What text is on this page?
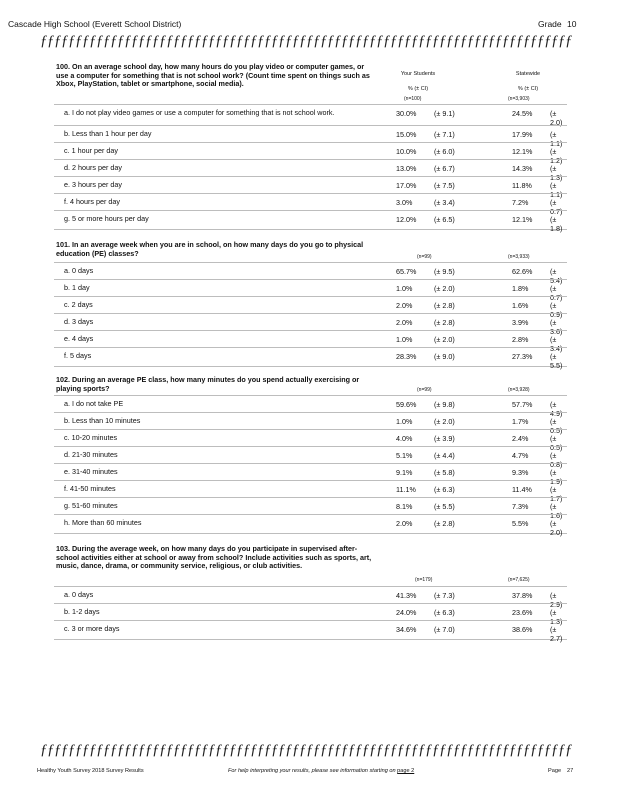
Cascade High School (Everett School District)	Grade 10
ƒƒƒƒƒƒƒƒƒƒƒƒƒƒƒƒƒƒƒƒƒƒƒƒƒƒƒƒƒƒƒƒƒƒƒƒƒƒƒƒƒƒƒƒƒƒƒƒƒƒƒƒƒƒƒƒƒƒƒƒƒƒƒƒƒƒƒƒƒƒƒƒƒƒƒƒ
Your Students	Statewide
% (± CI)	% (± CI)
100. On an average school day, how many hours do you play video or computer games, or use a computer for something that is not school work? (Count time spent on things such as Xbox, PlayStation, tablet or smartphone, social media).
(n=100)	(n=3,903)
a. I do not play video games or use a computer for something that is not school work.	30.0% (± 9.1)	24.5% (± 2.0)
b. Less than 1 hour per day	15.0% (± 7.1)	17.9% (± 1.1)
c. 1 hour per day	10.0% (± 6.0)	12.1% (± 1.2)
d. 2 hours per day	13.0% (± 6.7)	14.3% (± 1.3)
e. 3 hours per day	17.0% (± 7.5)	11.8%	(± 1.1)
f. 4 hours per day	3.0%	(± 3.4)	7.2%	(± 0.7)
g. 5 or more hours per day	12.0% (± 6.5)	12.1% (± 1.8)
101. In an average week when you are in school, on how many days do you go to physical education (PE) classes?	(n=99)	(n=3,933)
a. 0 days	65.7% (± 9.5)	62.6% (± 5.4)
b. 1 day	1.0%	(± 2.0)	1.8%	(± 0.7)
c. 2 days	2.0%	(± 2.8)	1.6%	(± 0.9)
d. 3 days	2.0%	(± 2.8)	3.9%	(± 3.6)
e. 4 days	1.0%	(± 2.0)	2.8%	(± 3.4)
f. 5 days	28.3% (± 9.0)	27.3% (± 5.5)
102. During an average PE class, how many minutes do you spend actually exercising or playing sports?	(n=99)	(n=3,928)
a. I do not take PE	59.6% (± 9.8)	57.7% (± 4.9)
b. Less than 10 minutes	1.0%	(± 2.0)	1.7%	(± 0.5)
c. 10-20 minutes	4.0%	(± 3.9)	2.4%	(± 0.5)
d. 21-30 minutes	5.1%	(± 4.4)	4.7%	(± 0.8)
e. 31-40 minutes	9.1%	(± 5.8)	9.3%	(± 1.9)
f. 41-50 minutes	11.1%	(± 6.3)	11.4%	(± 1.7)
g. 51-60 minutes	8.1%	(± 5.5)	7.3%	(± 1.6)
h. More than 60 minutes	2.0%	(± 2.8)	5.5%	(± 2.0)
103. During the average week, on how many days do you participate in supervised after-school activities either at school or away from school? Include activities such as sports, art, music, dance, drama, or community service, religious, or club activities.
(n=179)	(n=7,625)
a. 0 days	41.3% (± 7.3)	37.8% (± 2.9)
b. 1-2 days	24.0% (± 6.3)	23.6% (± 1.3)
c. 3 or more days	34.6% (± 7.0)	38.6% (± 2.7)
ƒƒƒƒƒƒƒƒƒƒƒƒƒƒƒƒƒƒƒƒƒƒƒƒƒƒƒƒƒƒƒƒƒƒƒƒƒƒƒƒƒƒƒƒƒƒƒƒƒƒƒƒƒƒƒƒƒƒƒƒƒƒƒƒƒƒƒƒƒƒƒƒƒƒƒƒ
Healthy Youth Survey 2018 Survey Results	For help interpreting your results, please see information starting on page 2	Page 27
